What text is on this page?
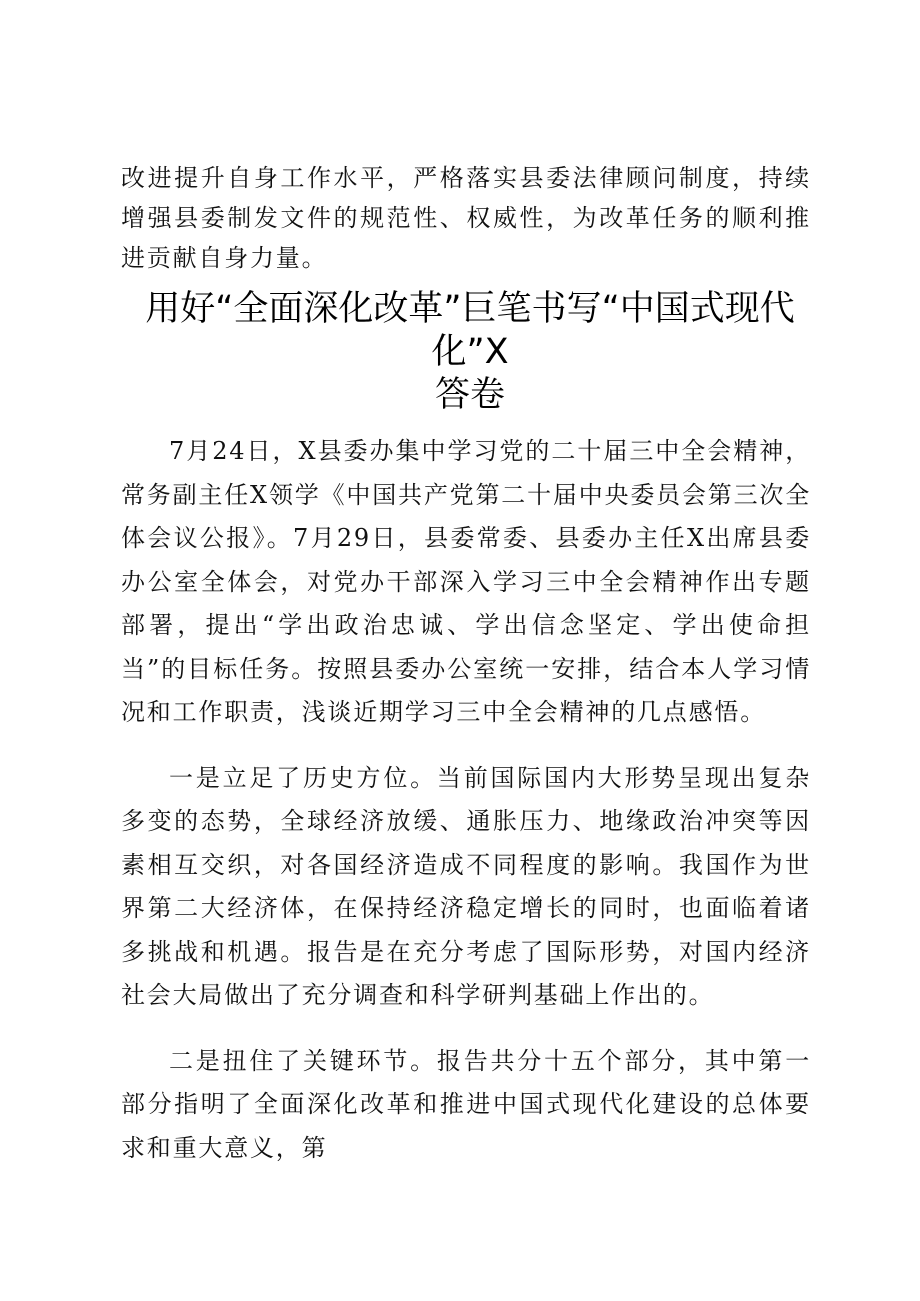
改进提升自身工作水平，严格落实县委法律顾问制度，持续增强县委制发文件的规范性、权威性，为改革任务的顺利推进贡献自身力量。

用好“全面深化改革”巨笔书写“中国式现代
化”X
答卷

7月24日，X县委办集中学习党的二十届三中全会精神，常务副主任X领学《中国共产党第二十届中央委员会第三次全体会议公报》。7月29日，县委常委、县委办主任X出席县委办公室全体会，对党办干部深入学习三中全会精神作出专题部署，提出“学出政治忠诚、学出信念坚定、学出使命担当”的目标任务。按照县委办公室统一安排，结合本人学习情况和工作职责，浅谈近期学习三中全会精神的几点感悟。

一是立足了历史方位。当前国际国内大形势呈现出复杂多变的态势，全球经济放缓、通胀压力、地缘政治冲突等因素相互交织，对各国经济造成不同程度的影响。我国作为世界第二大经济体，在保持经济稳定增长的同时，也面临着诸多挑战和机遇。报告是在充分考虑了国际形势，对国内经济社会大局做出了充分调查和科学研判基础上作出的。

二是扭住了关键环节。报告共分十五个部分，其中第一部分指明了全面深化改革和推进中国式现代化建设的总体要求和重大意义，第
